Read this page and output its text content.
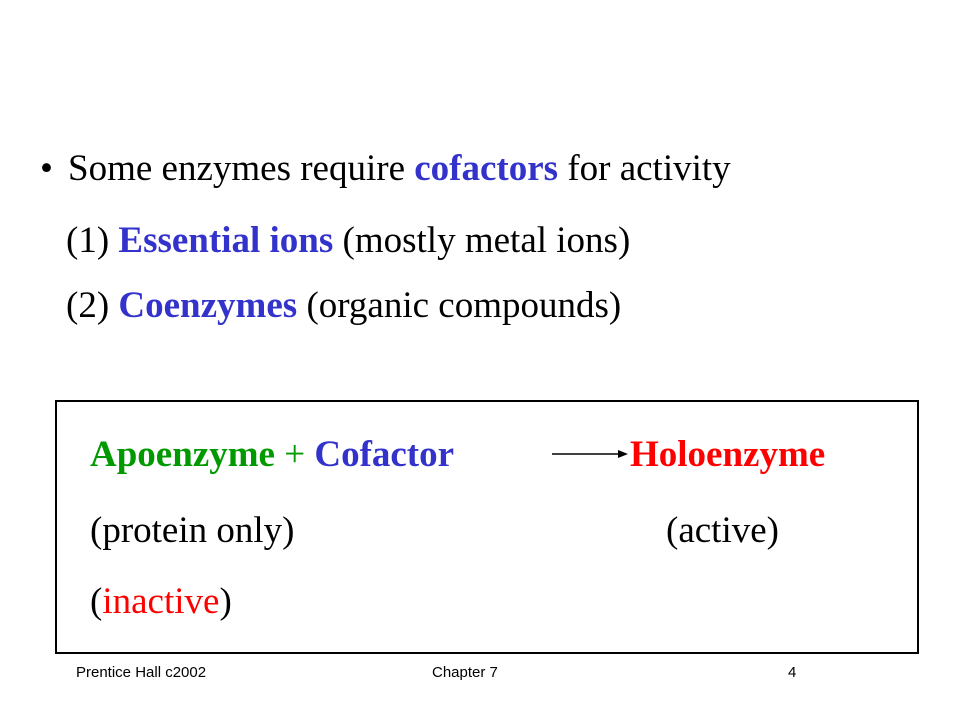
• Some enzymes require cofactors for activity
(1) Essential ions (mostly metal ions)
(2) Coenzymes (organic compounds)
Apoenzyme + Cofactor	Holoenzyme
(protein only)	(active)
(inactive)
Prentice Hall c2002	Chapter 7	4
